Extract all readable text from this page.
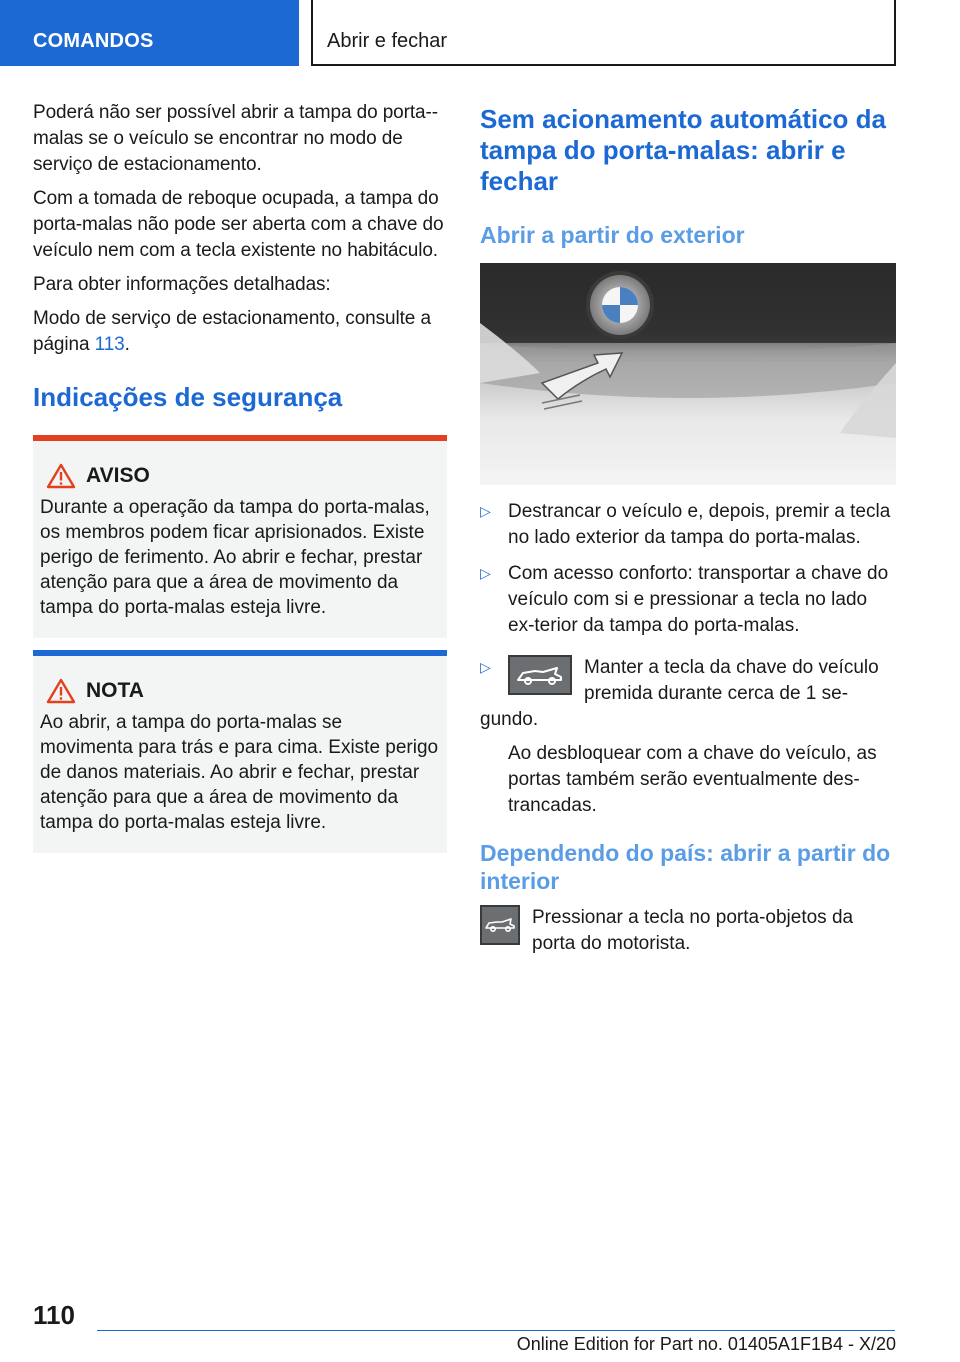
COMANDOS	Abrir e fechar

Poderá não ser possível abrir a tampa do porta--malas se o veículo se encontrar no modo de serviço de estacionamento.

Com a tomada de reboque ocupada, a tampa do porta-malas não pode ser aberta com a chave do veículo nem com a tecla existente no habitáculo.

Para obter informações detalhadas:

Modo de serviço de estacionamento, consulte a página 113.

Indicações de segurança
AVISO

Durante a operação da tampa do porta-malas, os membros podem ficar aprisionados. Existe perigo de ferimento. Ao abrir e fechar, prestar atenção para que a área de movimento da tampa do porta-malas esteja livre.

NOTA

Ao abrir, a tampa do porta-malas se movimenta para trás e para cima. Existe perigo de danos materiais. Ao abrir e fechar, prestar atenção para que a área de movimento da tampa do porta-malas esteja livre.

Sem acionamento automático da tampa do porta-malas: abrir e fechar
Abrir a partir do exterior
▷ Destrancar o veículo e, depois, premir a tecla no lado exterior da tampa do porta-malas.
▷ Com acesso conforto: transportar a chave do veículo com si e pressionar a tecla no lado ex-terior da tampa do porta-malas.
▷	Manter a tecla da chave do veículo premida durante cerca de 1 se-
gundo.
Ao desbloquear com a chave do veículo, as portas também serão eventualmente des-trancadas.
Dependendo do país: abrir a partir do interior
Pressionar a tecla no porta-objetos da porta do motorista.
110
Online Edition for Part no. 01405A1F1B4 - X/20
